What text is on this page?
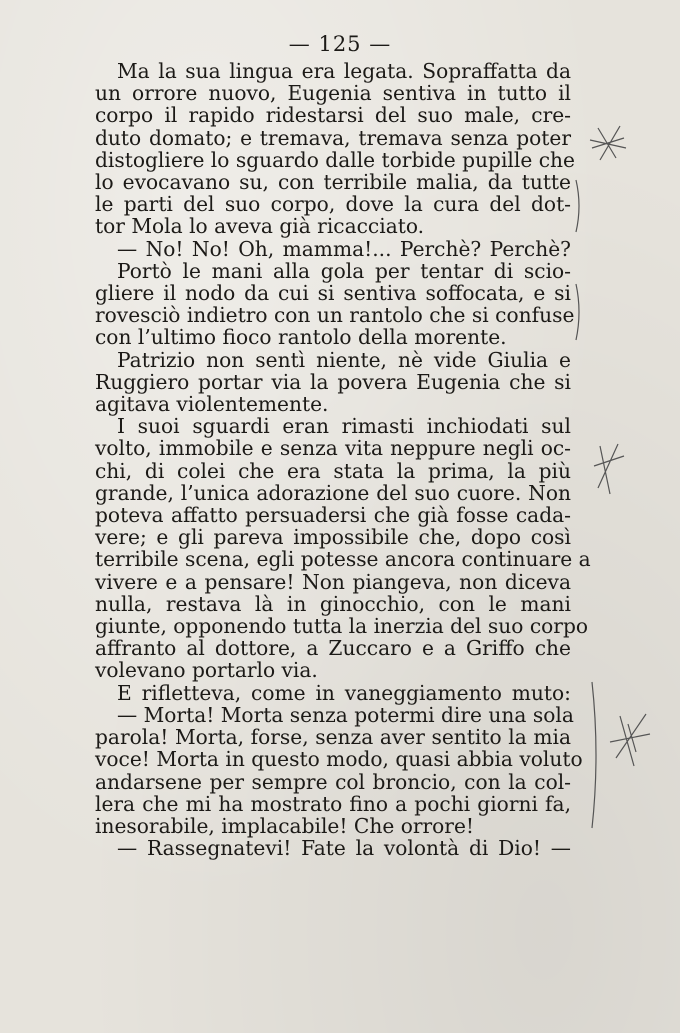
— 125 —
Ma la sua lingua era legata. Sopraffatta da
un orrore nuovo, Eugenia sentiva in tutto il
corpo il rapido ridestarsi del suo male, cre-
duto domato; e tremava, tremava senza poter
distogliere lo sguardo dalle torbide pupille che
lo evocavano su, con terribile malia, da tutte
le parti del suo corpo, dove la cura del dot-
tor Mola lo aveva già ricacciato.
— No! No! Oh, mamma!... Perchè? Perchè?
Portò le mani alla gola per tentar di scio-
gliere il nodo da cui si sentiva soffocata, e si
rovesciò indietro con un rantolo che si confuse
con l’ultimo fioco rantolo della morente.
Patrizio non sentì niente, nè vide Giulia e
Ruggiero portar via la povera Eugenia che si
agitava violentemente.
I suoi sguardi eran rimasti inchiodati sul
volto, immobile e senza vita neppure negli oc-
chi, di colei che era stata la prima, la più
grande, l’unica adorazione del suo cuore. Non
poteva affatto persuadersi che già fosse cada-
vere; e gli pareva impossibile che, dopo così
terribile scena, egli potesse ancora continuare a
vivere e a pensare! Non piangeva, non diceva
nulla, restava là in ginocchio, con le mani
giunte, opponendo tutta la inerzia del suo corpo
affranto al dottore, a Zuccaro e a Griffo che
volevano portarlo via.
E rifletteva, come in vaneggiamento muto:
— Morta! Morta senza potermi dire una sola
parola! Morta, forse, senza aver sentito la mia
voce! Morta in questo modo, quasi abbia voluto
andarsene per sempre col broncio, con la col-
lera che mi ha mostrato fino a pochi giorni fa,
inesorabile, implacabile! Che orrore!
— Rassegnatevi! Fate la volontà di Dio! —
